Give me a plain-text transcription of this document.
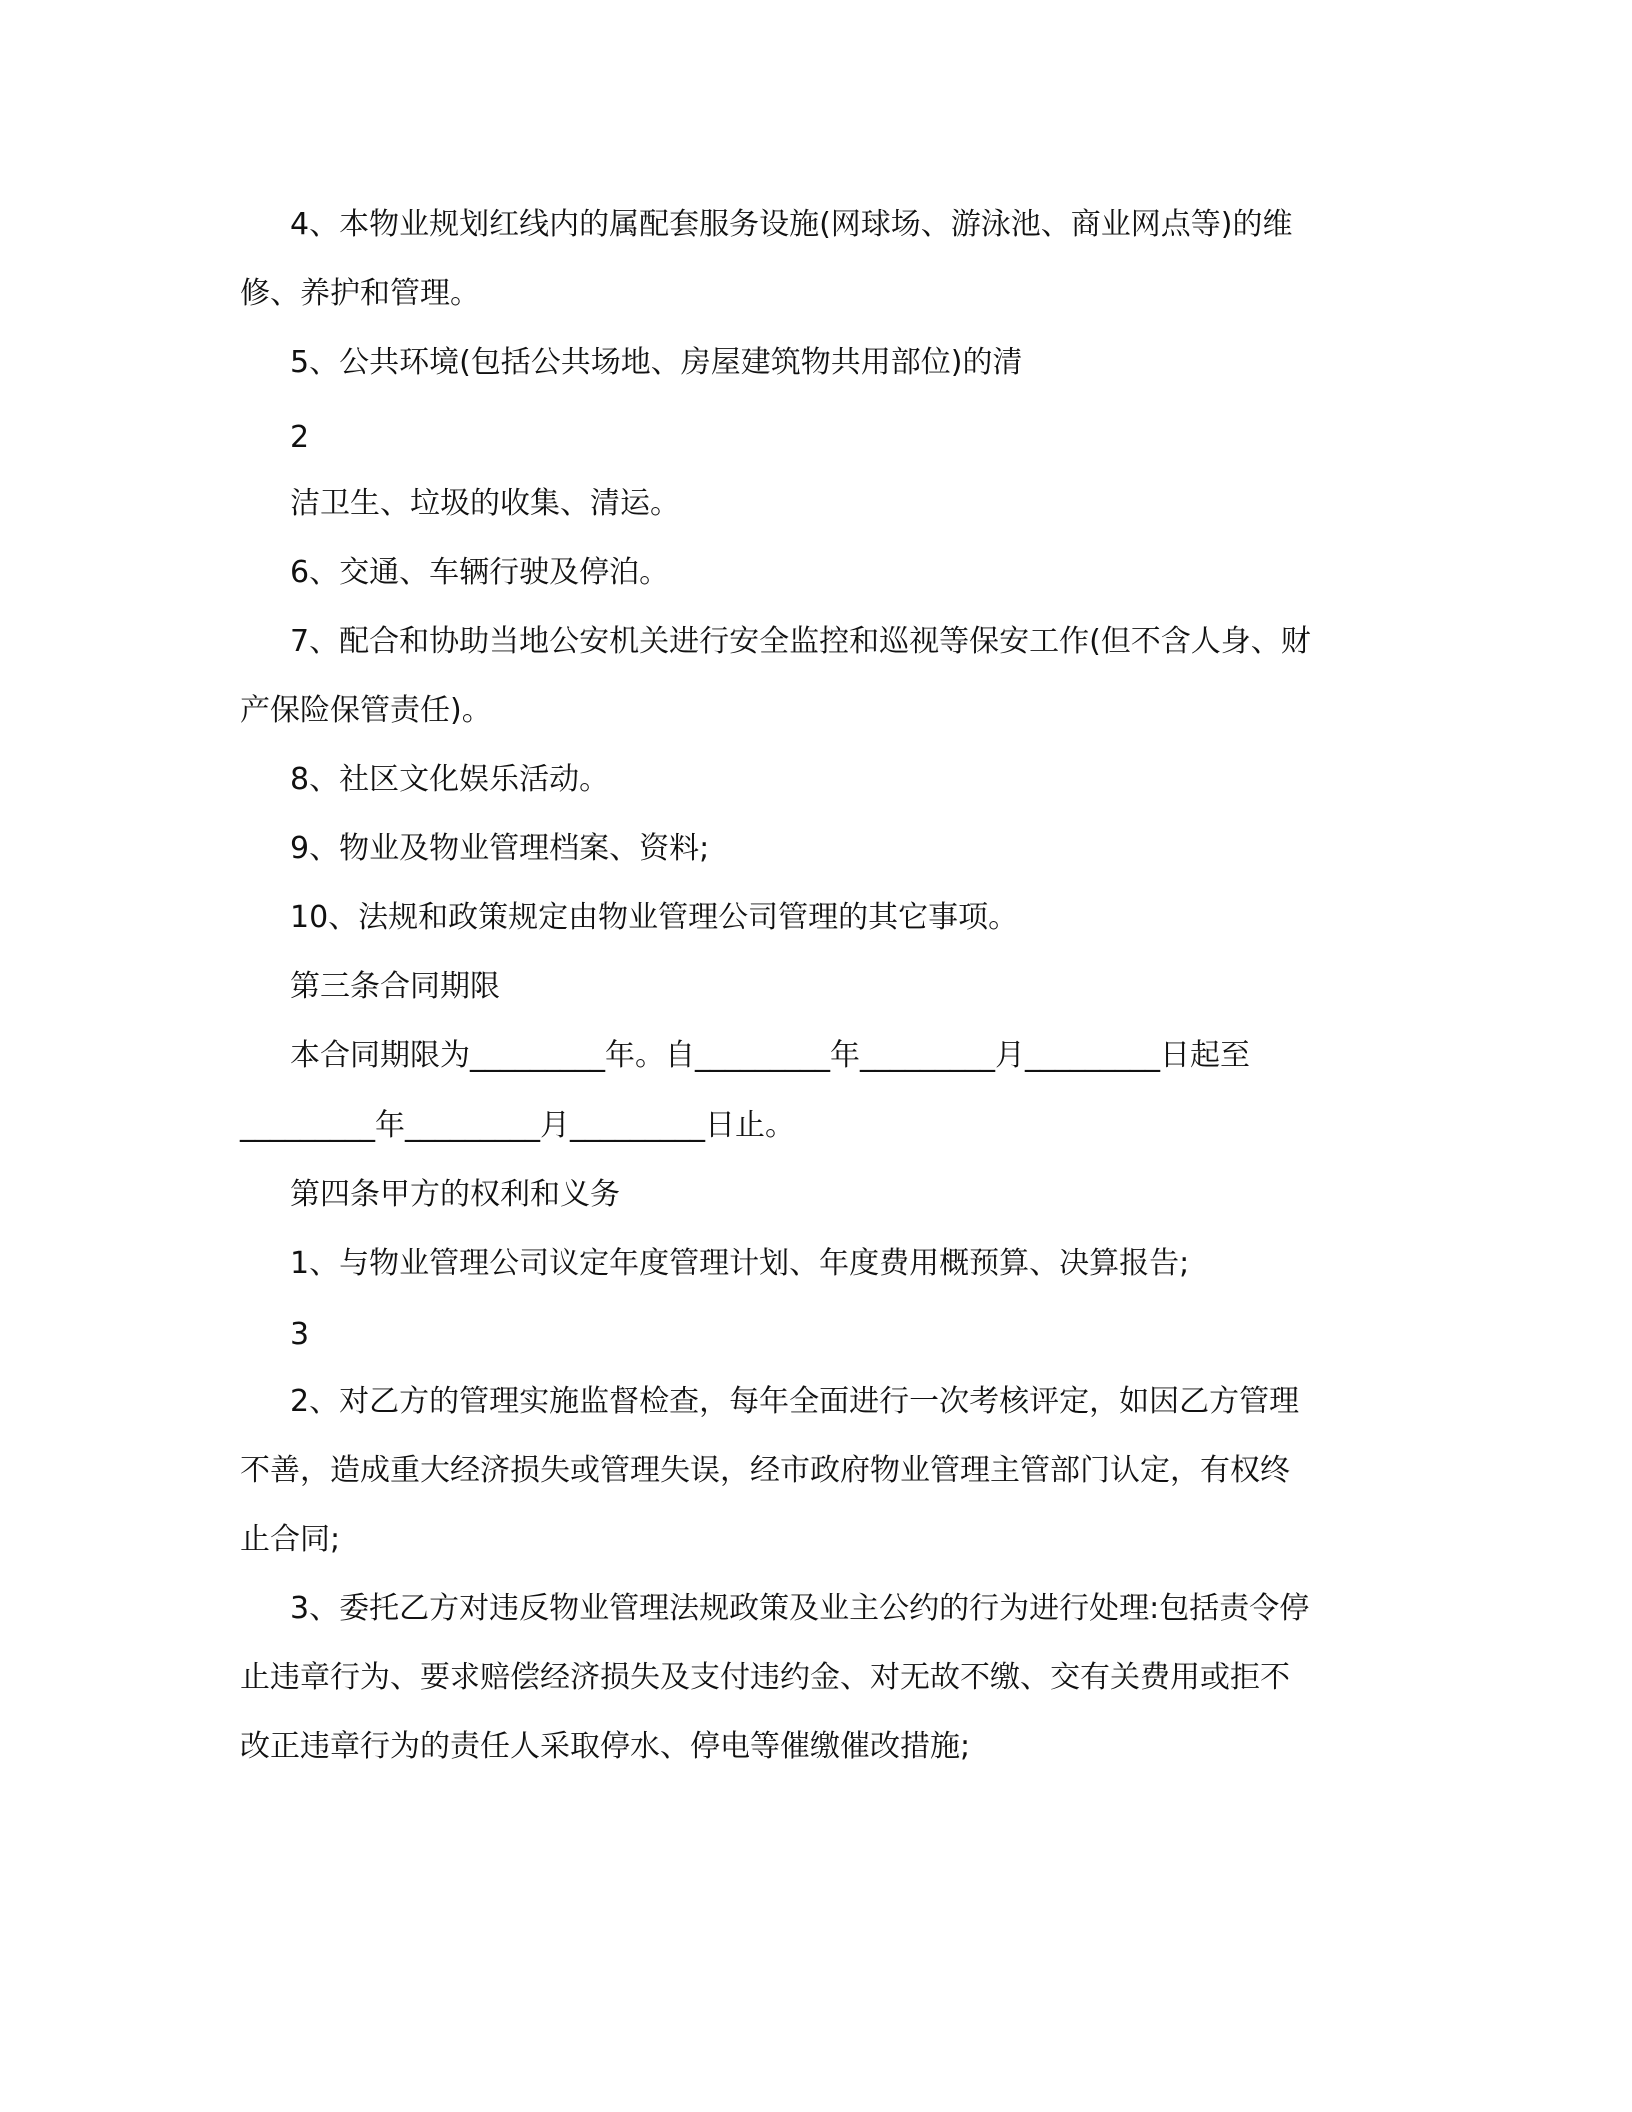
4、本物业规划红线内的属配套服务设施(网球场、游泳池、商业网点等)的维
修、养护和管理。
5、公共环境(包括公共场地、房屋建筑物共用部位)的清
2
洁卫生、垃圾的收集、清运。
6、交通、车辆行驶及停泊。
7、配合和协助当地公安机关进行安全监控和巡视等保安工作(但不含人身、财
产保险保管责任)。
8、社区文化娱乐活动。
9、物业及物业管理档案、资料;
10、法规和政策规定由物业管理公司管理的其它事项。
第三条合同期限
本合同期限为_________年。自_________年_________月_________日起至
_________年_________月_________日止。
第四条甲方的权利和义务
1、与物业管理公司议定年度管理计划、年度费用概预算、决算报告;
3
2、对乙方的管理实施监督检查，每年全面进行一次考核评定，如因乙方管理
不善，造成重大经济损失或管理失误，经市政府物业管理主管部门认定，有权终
止合同;
3、委托乙方对违反物业管理法规政策及业主公约的行为进行处理:包括责令停
止违章行为、要求赔偿经济损失及支付违约金、对无故不缴、交有关费用或拒不
改正违章行为的责任人采取停水、停电等催缴催改措施;
